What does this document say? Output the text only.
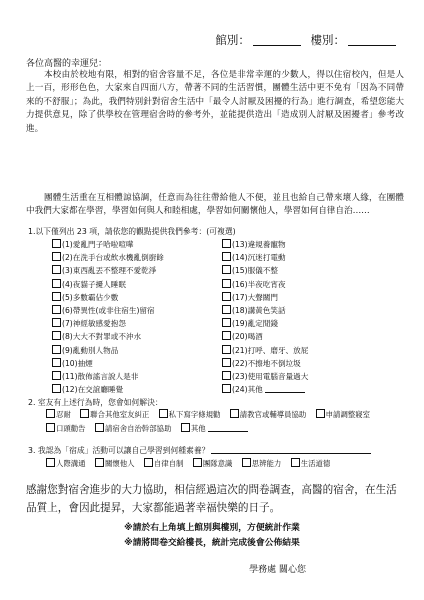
館別：	樓別：
各位高醫的幸運兒：
本校由於校地有限，相對的宿舍容量不足，各位是非常幸運的少數人，得以住宿校內，但是人上一百，形形色色，大家來自四面八方，帶著不同的生活習慣，團體生活中更不免有「因為不同帶來的不舒服」；為此，我們特別針對宿舍生活中「最令人討厭及困擾的行為」進行調查，希望您能大力提供意見，除了供學校在管理宿舍時的參考外，並能提供造出「造成別人討厭及困擾者」參考改進。
團體生活重在互相體諒協調，任意而為往往帶給他人不便，並且也給自己帶來壞人緣，在團體中我們大家都在學習，學習如何與人和睦相處，學習如何關懷他人，學習如何自律自治……
1.以下僅列出 23 項，請依您的觀點提供我們參考：(可複選)
(1)愛亂門子哈啦喧嘩
(2)在洗手台或飲水機亂倒廚餘
(3)東西亂丟不整理不愛乾淨
(4)夜貓子擾人睡眠
(5)多數霸佔少數
(6)帶異性(或非住宿生)留宿
(7)神經敏感愛抱怨
(8)大大不對罪或不沖水
(9)亂動別人物品
(10)抽煙
(11)散佈謠言說人是非
(12)在交誼廳睡覺
(13)違規養寵物
(14)沉迷打電動
(15)服儀不整
(16)半夜吃宵夜
(17)大聲關門
(18)講黃色笑話
(19)亂定閒錢
(20)喝酒
(21)打呼、磨牙、放屁
(22)不擦地不倒垃圾
(23)使用電腦音量過大
(24)其他
2. 室友有上述行為時，您會如何解決：
忍耐	聯合其他室友糾正	私下寫字條規勸	請教官或輔導員協助	申請調整寢室 口頭勸告	請宿舍自治幹部協助	其他
3. 我認為「宿成」活動可以讓自己學習到何種素養？
人際溝通	關懷他人	自律自制	團隊意識	思辨能力	生活道德
感謝您對宿舍進步的大力協助，相信經過這次的問卷調查，高醫的宿舍，在生活品質上，會因此提昇，大家都能過著幸福快樂的日子。
※請於右上角填上館別與樓別，方便統計作業
※請將問卷交給樓長，統計完成後會公佈結果
學務處 關心您
